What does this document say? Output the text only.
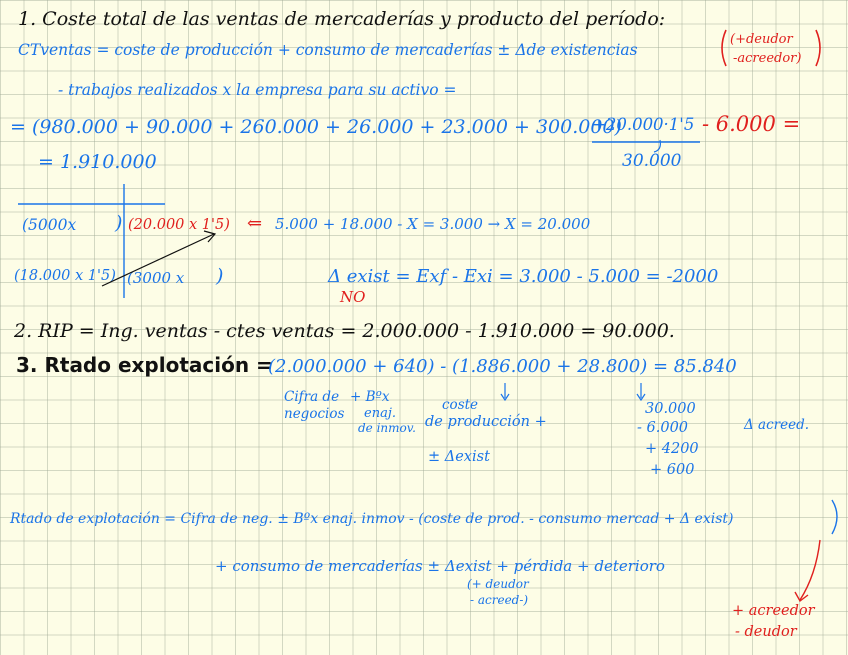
1. Coste total de las ventas de mercaderías y producto del período:
CTventas = coste de producción + consumo de mercaderías ± Δde existencias
(+deudor
-acreedor)
- trabajos realizados x la empresa para su activo =
= (980.000 + 90.000 + 260.000 + 26.000 + 23.000 + 300.000)
+20.000·1'5 - 6.000 =
30.000
= 1.910.000
(5000x ) (20.000 x 1'5) ⇐ 5.000 + 18.000 - X = 3.000 → X = 20.000
(18.000 x 1'5) (3000 x )	Δ exist = Exf - Exi = 3.000 - 5.000 = -2000
NO
2. RIP = Ing. ventas - ctes ventas = 2.000.000 - 1.910.000 = 90.000.
3. Rtado explotación =
(2.000.000 + 640) - (1.886.000 + 28.800) = 85.840
Cifra de
negocios
+ Bºx
enaj.
de inmov.
coste
de producción +
± Δexist
30.000
- 6.000
+ 4200
+ 600
Δ acreed.
Rtado de explotación = Cifra de neg. ± Bºx enaj. inmov - (coste de prod. - consumo mercad + Δ exist)
+ consumo de mercaderías ± Δexist + pérdida + deterioro
(+ deudor
- acreed-)
+ acreedor
- deudor
